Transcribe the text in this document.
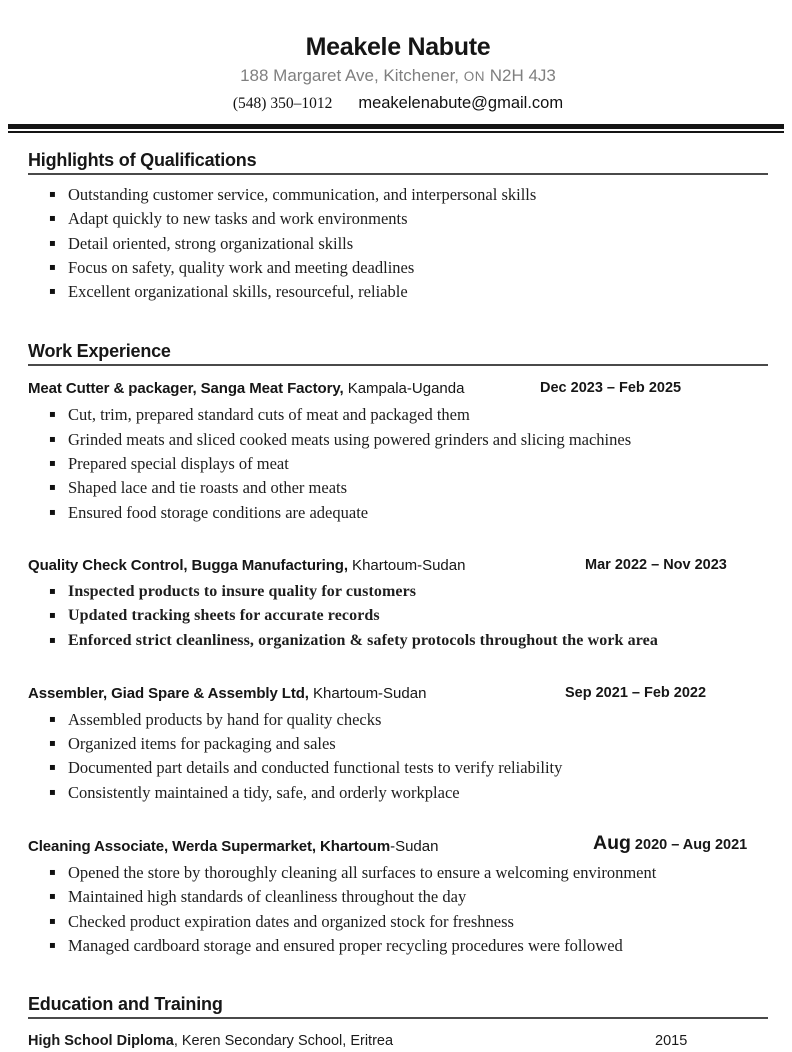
Meakele Nabute
188 Margaret Ave, Kitchener, ON N2H 4J3
(548) 350–1012 meakelenabute@gmail.com
Highlights of Qualifications
▪ Outstanding customer service, communication, and interpersonal skills
▪ Adapt quickly to new tasks and work environments
▪ Detail oriented, strong organizational skills
▪ Focus on safety, quality work and meeting deadlines
▪ Excellent organizational skills, resourceful, reliable
Work Experience
Meat Cutter & packager, Sanga Meat Factory, Kampala-Uganda	Dec 2023 – Feb 2025
▪ Cut, trim, prepared standard cuts of meat and packaged them
▪ Grinded meats and sliced cooked meats using powered grinders and slicing machines
▪ Prepared special displays of meat
▪ Shaped lace and tie roasts and other meats
▪ Ensured food storage conditions are adequate
Quality Check Control, Bugga Manufacturing, Khartoum-Sudan	Mar 2022 – Nov 2023
▪ Inspected products to insure quality for customers
▪ Updated tracking sheets for accurate records
▪ Enforced strict cleanliness, organization & safety protocols throughout the work area
Assembler, Giad Spare & Assembly Ltd, Khartoum-Sudan	Sep 2021 – Feb 2022
▪ Assembled products by hand for quality checks
▪ Organized items for packaging and sales
▪ Documented part details and conducted functional tests to verify reliability
▪ Consistently maintained a tidy, safe, and orderly workplace
Cleaning Associate, Werda Supermarket, Khartoum-Sudan	Aug 2020 – Aug 2021
▪ Opened the store by thoroughly cleaning all surfaces to ensure a welcoming environment
▪ Maintained high standards of cleanliness throughout the day
▪ Checked product expiration dates and organized stock for freshness
▪ Managed cardboard storage and ensured proper recycling procedures were followed
Education and Training
High School Diploma, Keren Secondary School, Eritrea	2015
